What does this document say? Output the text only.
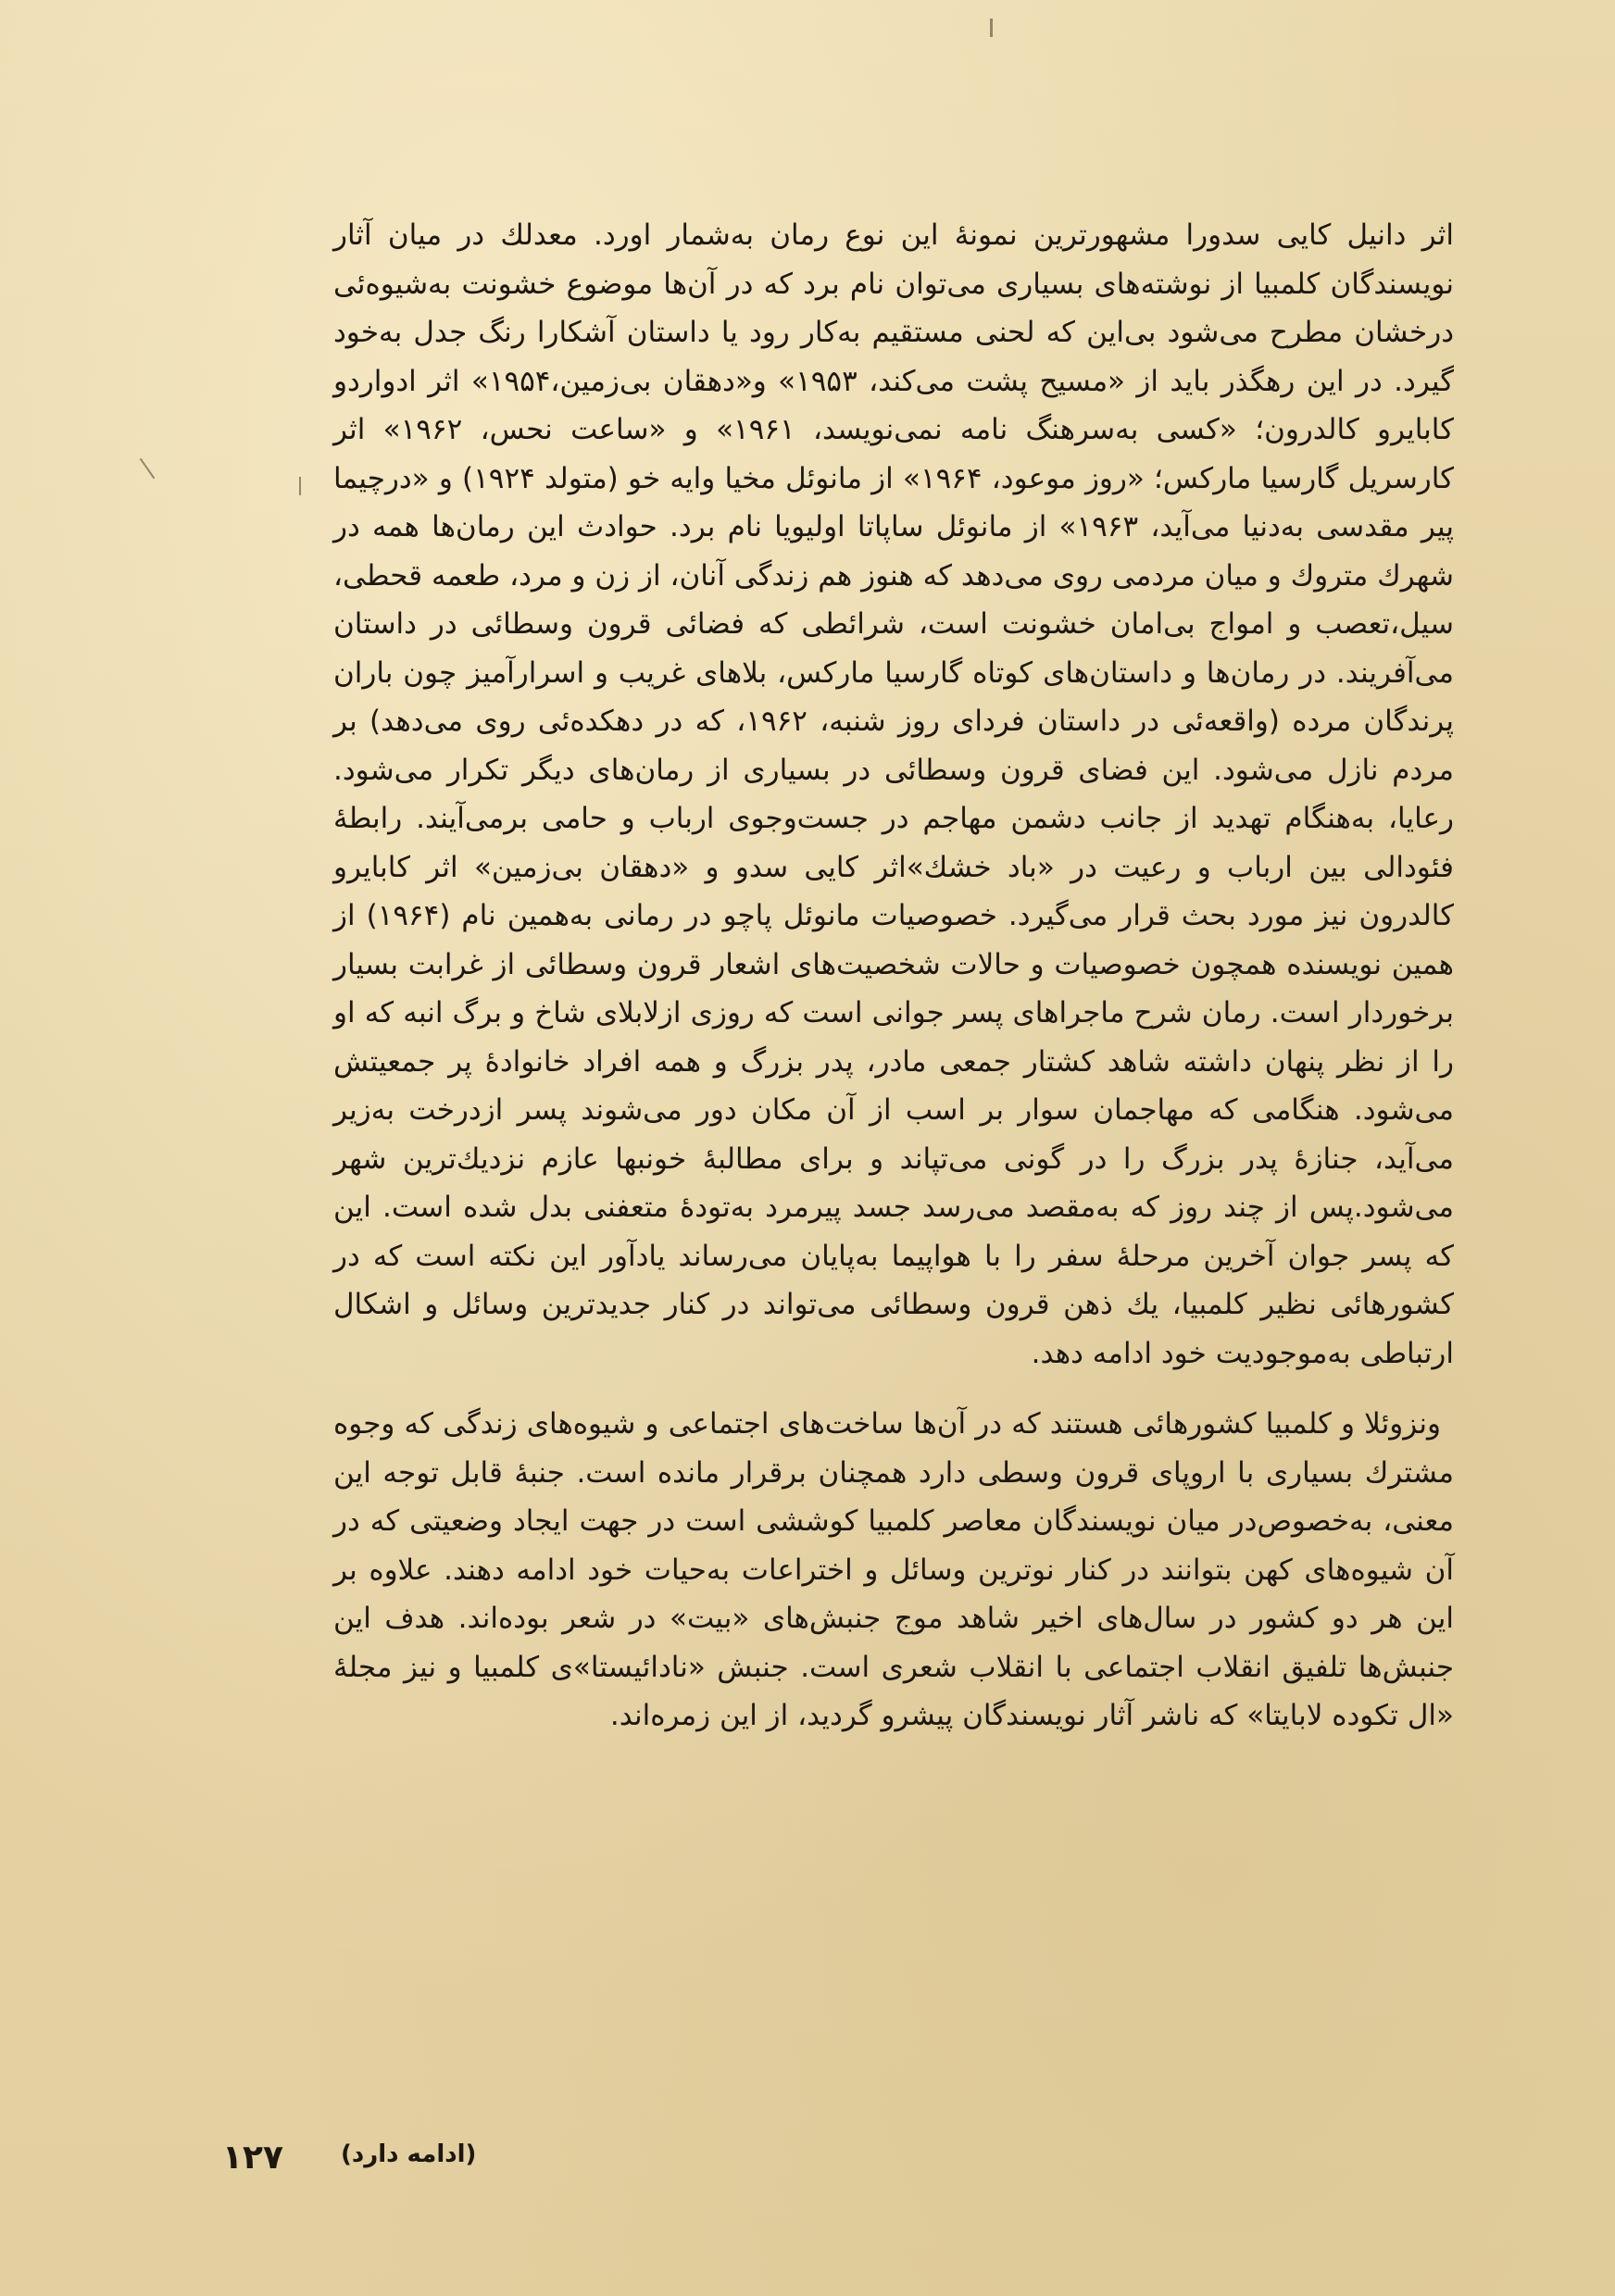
اثر دانیل کایی سدورا مشهورترین نمونهٔ این نوع رمان به‌شمار اورد. معدلك در میان آثار نویسندگان کلمبیا از نوشته‌های بسیاری می‌توان نام برد که در آن‌ها موضوع خشونت به‌شیوه‌ئی درخشان مطرح می‌شود بی‌این که لحنی مستقیم به‌کار رود یا داستان آشکارا رنگ جدل به‌خود گیرد. در این رهگذر باید از «مسیح پشت می‌کند، ۱۹۵۳» و«دهقان بی‌زمین،۱۹۵۴» اثر ادواردو کابایرو کالدرون؛ «کسی به‌سرهنگ نامه نمی‌نویسد، ۱۹۶۱» و «ساعت نحس، ۱۹۶۲» اثر کارسریل گارسیا مارکس؛ «روز موعود، ۱۹۶۴» از مانوئل مخیا وایه خو (متولد ۱۹۲۴) و «درچیما پیر مقدسی به‌دنیا می‌آید، ۱۹۶۳» از مانوئل ساپاتا اولیویا نام برد. حوادث این رمان‌ها همه در شهرك متروك و میان مردمی روی می‌دهد که هنوز هم زندگی آنان، از زن و مرد، طعمه قحطی، سیل،تعصب و امواج بی‌امان خشونت است، شرائطی که فضائی قرون وسطائی در داستان می‌آفریند. در رمان‌ها و داستان‌های کوتاه گارسیا مارکس، بلاهای غریب و اسرارآمیز چون باران پرندگان مرده (واقعه‌ئی در داستان فردای روز شنبه، ۱۹۶۲، که در دهکده‌ئی روی می‌دهد) بر مردم نازل می‌شود. این فضای قرون وسطائی در بسیاری از رمان‌های دیگر تکرار می‌شود. رعایا، به‌هنگام تهدید از جانب دشمن مهاجم در جست‌وجوی ارباب و حامی برمی‌آیند. رابطهٔ فئودالی بین ارباب و رعیت در «باد خشك»اثر کایی سدو و «دهقان بی‌زمین» اثر کابایرو کالدرون نیز مورد بحث قرار می‌گیرد. خصوصیات مانوئل پاچو در رمانی به‌همین نام (۱۹۶۴) از همین نویسنده همچون خصوصیات و حالات شخصیت‌های اشعار قرون وسطائی از غرابت بسیار برخوردار است. رمان شرح ماجراهای پسر جوانی است که روزی ازلابلای شاخ و برگ انبه که او را از نظر پنهان داشته شاهد کشتار جمعی مادر، پدر بزرگ و همه افراد خانوادهٔ پر جمعیتش می‌شود. هنگامی که مهاجمان سوار بر اسب از آن مکان دور می‌شوند پسر ازدرخت به‌زیر می‌آید، جنازهٔ پدر بزرگ را در گونی می‌تپاند و برای مطالبهٔ خونبها عازم نزدیك‌ترین شهر می‌شود.پس از چند روز که به‌مقصد می‌رسد جسد پیرمرد به‌تودهٔ متعفنی بدل شده است. این که پسر جوان آخرین مرحلهٔ سفر را با هواپیما به‌پایان می‌رساند یادآور این نکته است که در کشورهائی نظیر کلمبیا، یك ذهن قرون وسطائی می‌تواند در کنار جدیدترین وسائل و اشکال ارتباطی به‌موجودیت خود ادامه دهد.

ونزوئلا و کلمبیا کشورهائی هستند که در آن‌ها ساخت‌های اجتماعی و شیوه‌های زندگی که وجوه مشترك بسیاری با اروپای قرون وسطی دارد همچنان برقرار مانده است. جنبهٔ قابل توجه این معنی، به‌خصوص‌در میان نویسندگان معاصر کلمبیا کوششی است در جهت ایجاد وضعیتی که در آن شیوه‌های کهن بتوانند در کنار نوترین وسائل و اختراعات به‌حیات خود ادامه دهند. علاوه بر این هر دو کشور در سال‌های اخیر شاهد موج جنبش‌های «بیت» در شعر بوده‌اند. هدف این جنبش‌ها تلفیق انقلاب اجتماعی با انقلاب شعری است. جنبش «نادائیستا»ی کلمبیا و نیز مجلهٔ «ال تکوده لابایتا» که ناشر آثار نویسندگان پیشرو گردید، از این زمره‌اند.

۱۲۷ (ادامه دارد)
